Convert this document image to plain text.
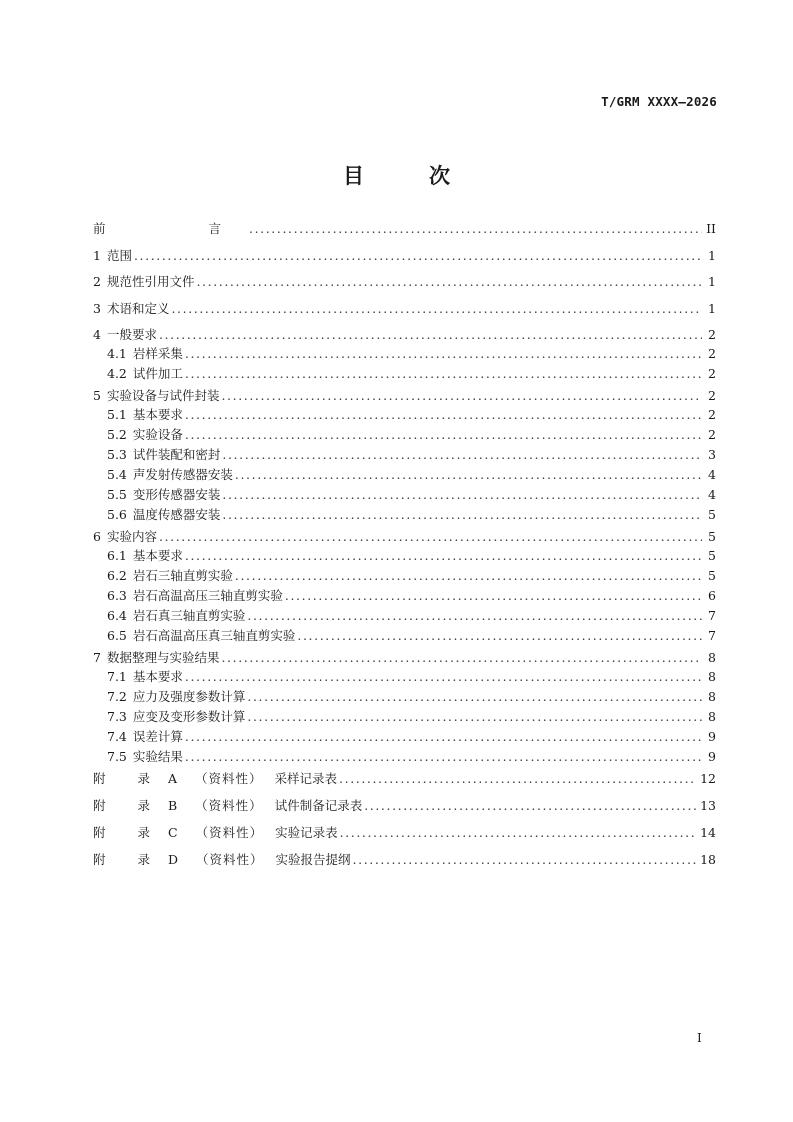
T/GRM XXXX—2026
目　次
前　　言 .....	II
1 范围 .....	1
2 规范性引用文件 .....	1
3 术语和定义 .....	1
4 一般要求 .....	2
4.1 岩样采集 .....	2
4.2 试件加工 .....	2
5 实验设备与试件封装 .....	2
5.1 基本要求 .....	2
5.2 实验设备 .....	2
5.3 试件装配和密封 .....	3
5.4 声发射传感器安装 .....	4
5.5 变形传感器安装 .....	4
5.6 温度传感器安装 .....	5
6 实验内容 .....	5
6.1 基本要求 .....	5
6.2 岩石三轴直剪实验 .....	5
6.3 岩石高温高压三轴直剪实验 .....	6
6.4 岩石真三轴直剪实验 .....	7
6.5 岩石高温高压真三轴直剪实验 .....	7
7 数据整理与实验结果 .....	8
7.1 基本要求 .....	8
7.2 应力及强度参数计算 .....	8
7.3 应变及变形参数计算 .....	8
7.4 误差计算 .....	9
7.5 实验结果 .....	9
附 录 A （资料性） 采样记录表 .....	12
附 录 B （资料性） 试件制备记录表 .....	13
附 录 C （资料性） 实验记录表 .....	14
附 录 D （资料性） 实验报告提纲 .....	18
I
